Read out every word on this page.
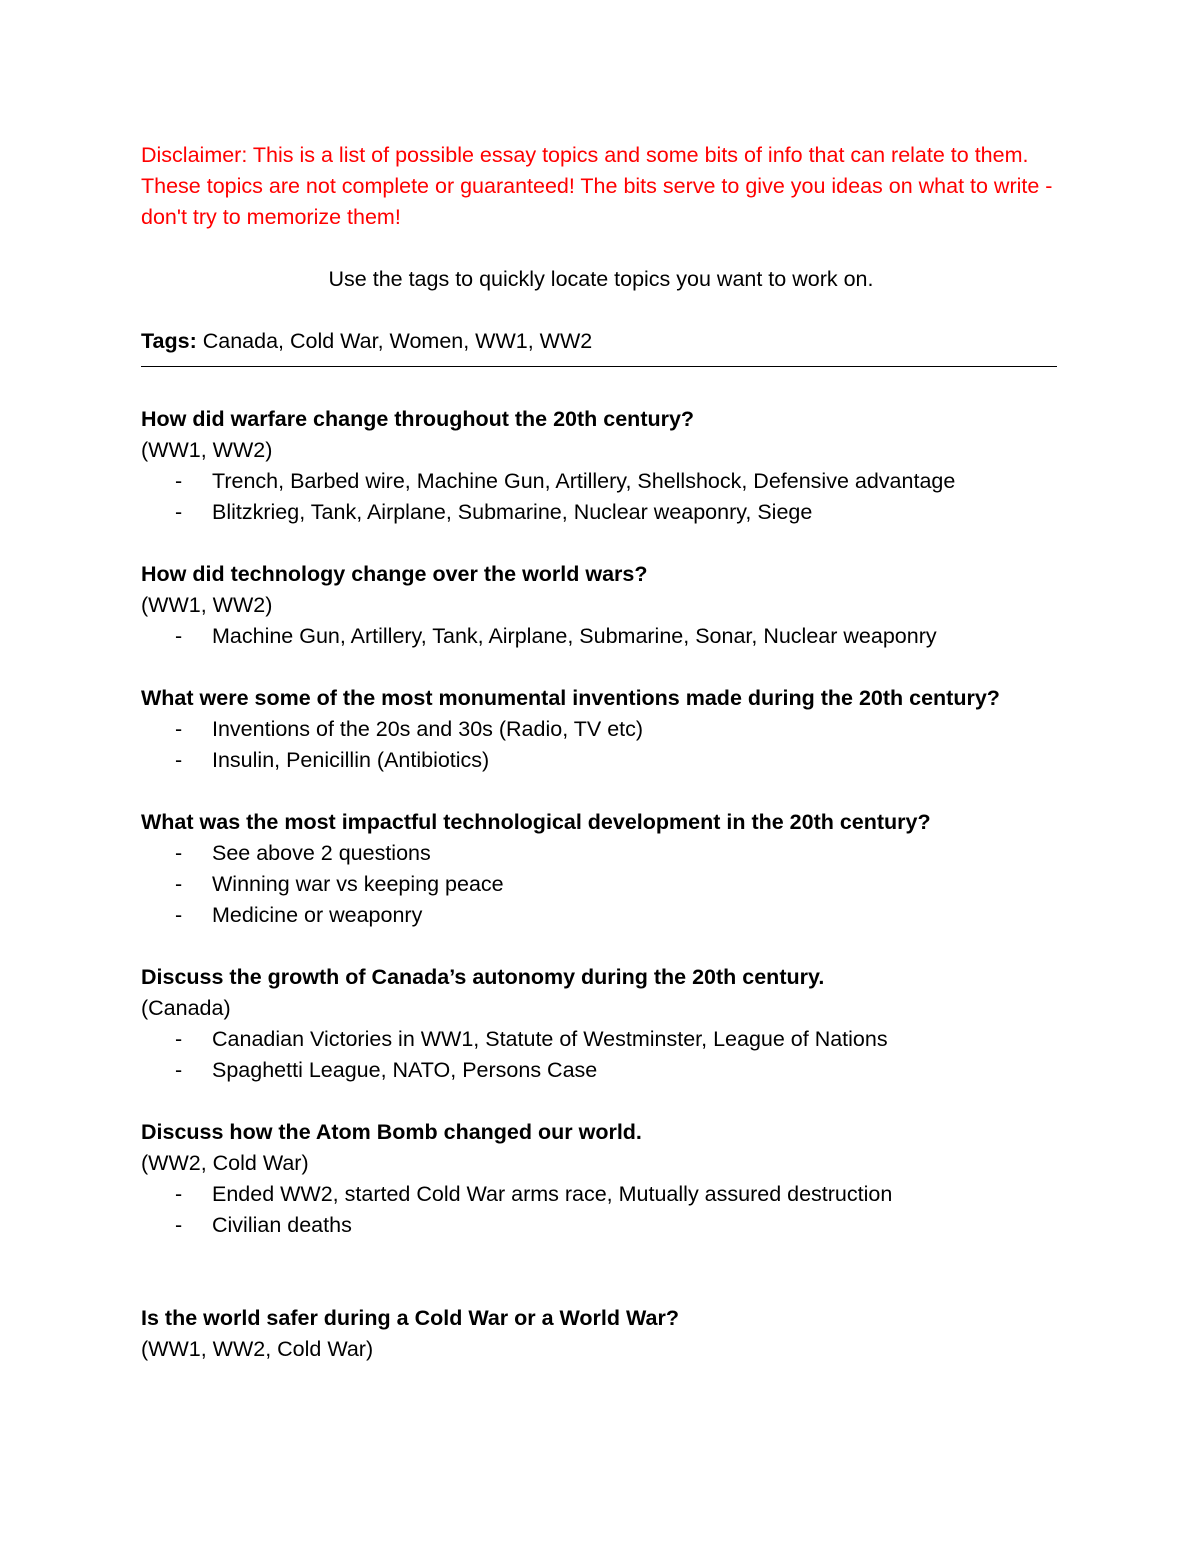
Disclaimer: This is a list of possible essay topics and some bits of info that can relate to them. These topics are not complete or guaranteed! The bits serve to give you ideas on what to write - don't try to memorize them!

Use the tags to quickly locate topics you want to work on.

Tags: Canada, Cold War, Women, WW1, WW2

How did warfare change throughout the 20th century?

(WW1, WW2)

- Trench, Barbed wire, Machine Gun, Artillery, Shellshock, Defensive advantage
- Blitzkrieg, Tank, Airplane, Submarine, Nuclear weaponry, Siege

How did technology change over the world wars?

(WW1, WW2)

- Machine Gun, Artillery, Tank, Airplane, Submarine, Sonar, Nuclear weaponry

What were some of the most monumental inventions made during the 20th century?

- Inventions of the 20s and 30s (Radio, TV etc)
- Insulin, Penicillin (Antibiotics)

What was the most impactful technological development in the 20th century?

- See above 2 questions
- Winning war vs keeping peace
- Medicine or weaponry

Discuss the growth of Canada’s autonomy during the 20th century.

(Canada)

- Canadian Victories in WW1, Statute of Westminster, League of Nations
- Spaghetti League, NATO, Persons Case

Discuss how the Atom Bomb changed our world.

(WW2, Cold War)

- Ended WW2, started Cold War arms race, Mutually assured destruction
- Civilian deaths

Is the world safer during a Cold War or a World War?

(WW1, WW2, Cold War)
